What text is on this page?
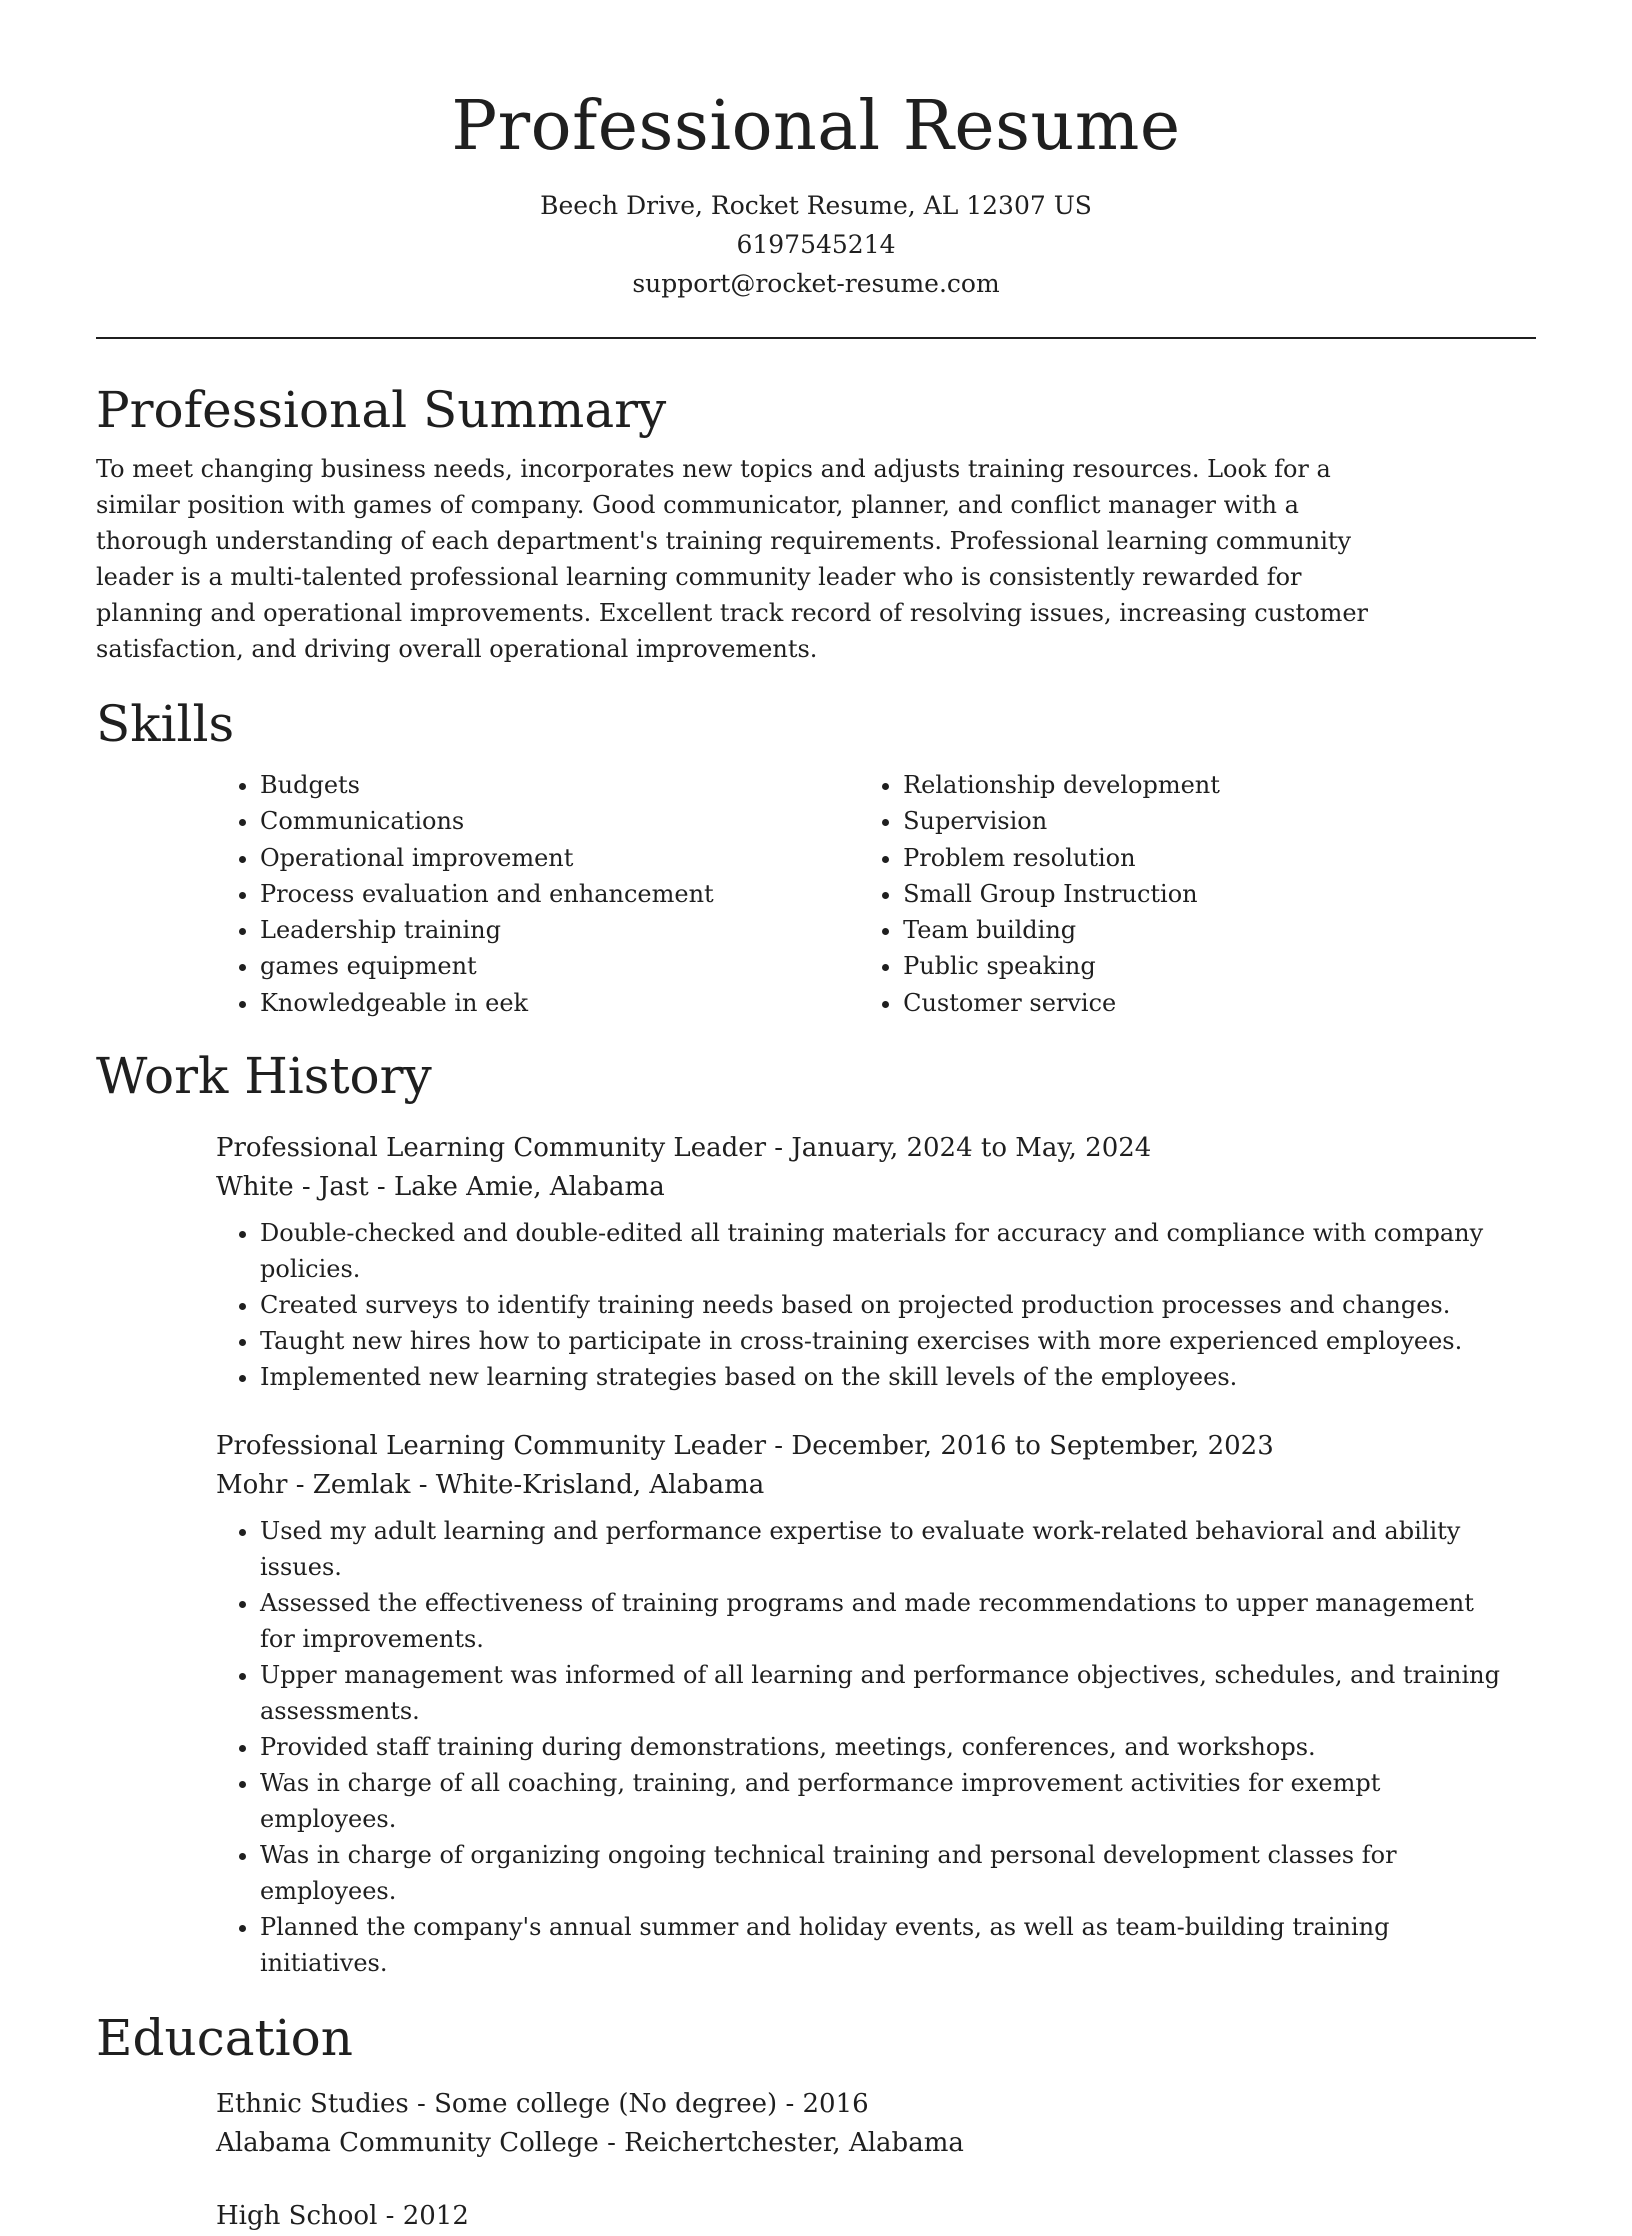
Professional Resume
Beech Drive, Rocket Resume, AL 12307 US
6197545214
support@rocket-resume.com
Professional Summary

To meet changing business needs, incorporates new topics and adjusts training resources. Look for a similar position with games of company. Good communicator, planner, and conflict manager with a thorough understanding of each department's training requirements. Professional learning community leader is a multi-talented professional learning community leader who is consistently rewarded for planning and operational improvements. Excellent track record of resolving issues, increasing customer satisfaction, and driving overall operational improvements.

Skills
• Budgets
• Communications
• Operational improvement
• Process evaluation and enhancement
• Leadership training
• games equipment
• Knowledgeable in eek
• Relationship development
• Supervision
• Problem resolution
• Small Group Instruction
• Team building
• Public speaking
• Customer service
Work History
Professional Learning Community Leader - January, 2024 to May, 2024
White - Jast - Lake Amie, Alabama
• Double-checked and double-edited all training materials for accuracy and compliance with company policies.
• Created surveys to identify training needs based on projected production processes and changes.
• Taught new hires how to participate in cross-training exercises with more experienced employees.
• Implemented new learning strategies based on the skill levels of the employees.
Professional Learning Community Leader - December, 2016 to September, 2023
Mohr - Zemlak - White-Krisland, Alabama
• Used my adult learning and performance expertise to evaluate work-related behavioral and ability issues.
• Assessed the effectiveness of training programs and made recommendations to upper management for improvements.
• Upper management was informed of all learning and performance objectives, schedules, and training assessments.
• Provided staff training during demonstrations, meetings, conferences, and workshops.
• Was in charge of all coaching, training, and performance improvement activities for exempt employees.
• Was in charge of organizing ongoing technical training and personal development classes for employees.
• Planned the company's annual summer and holiday events, as well as team-building training initiatives.
Education
Ethnic Studies - Some college (No degree) - 2016
Alabama Community College - Reichertchester, Alabama
High School - 2012
